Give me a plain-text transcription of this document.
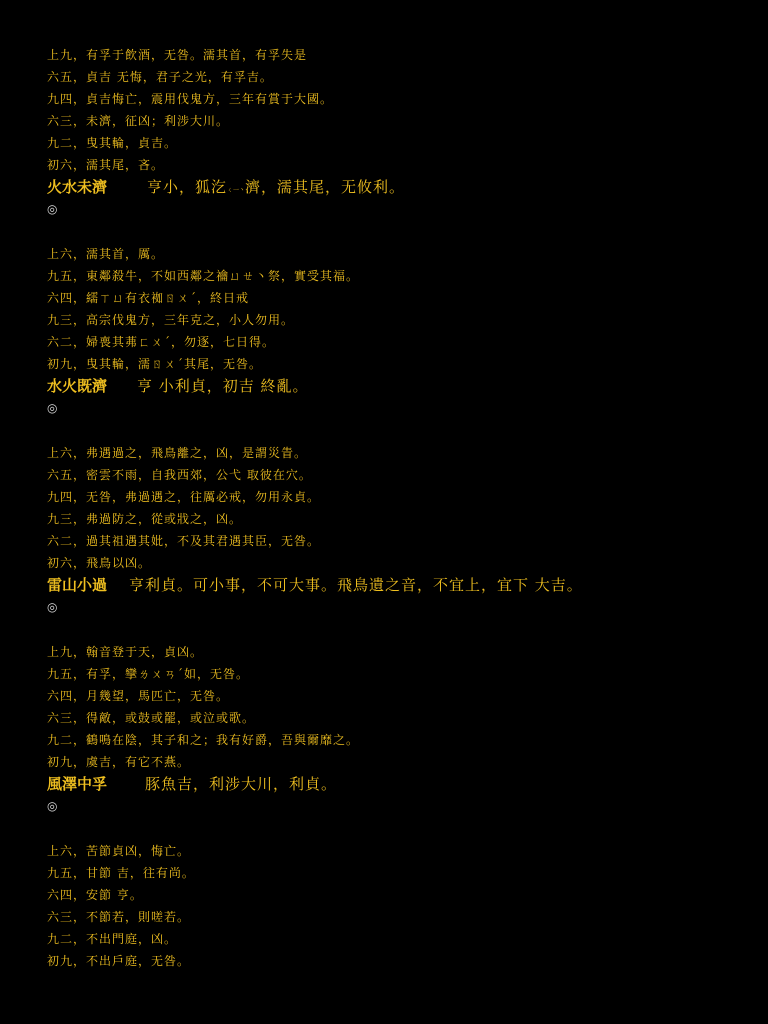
上九，有孚于飲酒，无咎。濡其首，有孚失是
六五，貞吉 无悔，君子之光，有孚吉。
九四，貞吉悔亡，震用伐鬼方，三年有賞于大國。
六三，未濟，征凶；利涉大川。
九二，曳其輪，貞吉。
初六，濡其尾，吝。
火水未濟	亨小，狐汔ㄑ一丶濟，濡其尾，无攸利。
◎
上六，濡其首，厲。
九五，東鄰殺牛，不如西鄰之禴ㄩㄝ丶祭，實受其福。
六四，繻ㄒㄩ有衣袽ㄖㄨˊ，終日戒
九三，高宗伐鬼方，三年克之，小人勿用。
六二，婦喪其茀ㄈㄨˊ，勿逐，七日得。
初九，曳其輪，濡ㄖㄨˊ其尾，无咎。
水火既濟 亨 小利貞，初吉 終亂。
◎
上六，弗遇過之，飛鳥離之，凶，是謂災眚。
六五，密雲不雨，自我西郊，公弋 取彼在穴。
九四，无咎，弗過遇之，往厲必戒，勿用永貞。
九三，弗過防之，從或戕之，凶。
六二，過其祖遇其妣，不及其君遇其臣，无咎。
初六，飛鳥以凶。
雷山小過 亨利貞。可小事，不可大事。飛鳥遺之音，不宜上，宜下 大吉。
◎
上九，翰音登于天，貞凶。
九五，有孚，攣ㄌㄨㄢˊ如，无咎。
六四，月幾望，馬匹亡，无咎。
六三，得敵，或鼓或罷，或泣或歌。
九二，鶴鳴在陰，其子和之；我有好爵，吾與爾靡之。
初九，虞吉，有它不燕。
風澤中孚	豚魚吉，利涉大川，利貞。
◎
上六，苦節貞凶，悔亡。
九五，甘節 吉，往有尚。
六四，安節 亨。
六三，不節若，則嗟若。
九二，不出門庭，凶。
初九，不出戶庭，无咎。
